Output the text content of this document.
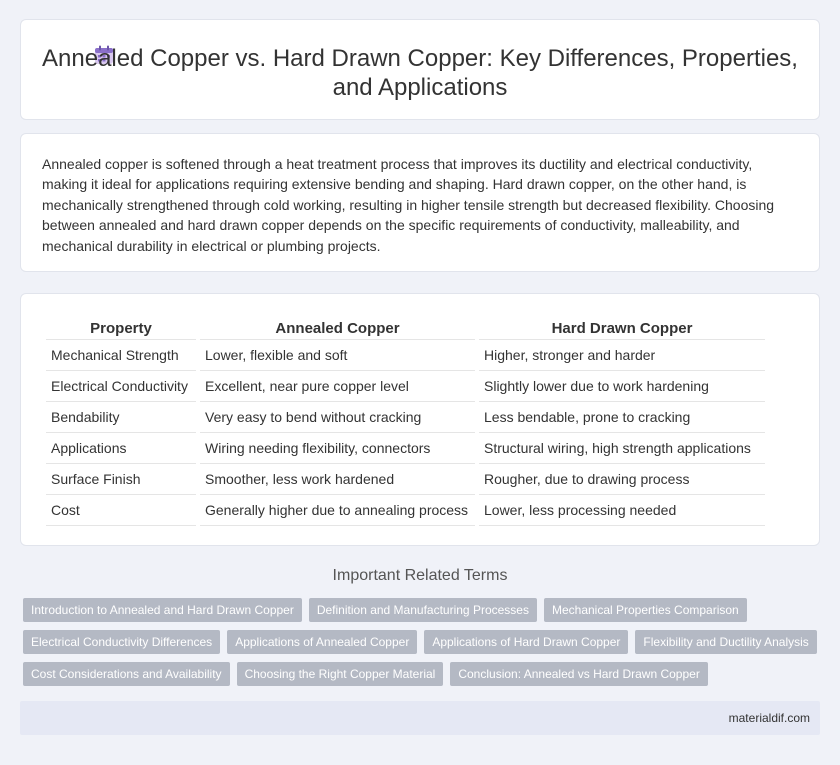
Annealed Copper vs. Hard Drawn Copper: Key Differences, Properties, and Applications

Annealed copper is softened through a heat treatment process that improves its ductility and electrical conductivity, making it ideal for applications requiring extensive bending and shaping. Hard drawn copper, on the other hand, is mechanically strengthened through cold working, resulting in higher tensile strength but decreased flexibility. Choosing between annealed and hard drawn copper depends on the specific requirements of conductivity, malleability, and mechanical durability in electrical or plumbing projects.

Property	Annealed Copper	Hard Drawn Copper
Mechanical Strength	Lower, flexible and soft	Higher, stronger and harder
Electrical Conductivity	Excellent, near pure copper level	Slightly lower due to work hardening
Bendability	Very easy to bend without cracking	Less bendable, prone to cracking
Applications	Wiring needing flexibility, connectors	Structural wiring, high strength applications
Surface Finish	Smoother, less work hardened	Rougher, due to drawing process
Cost	Generally higher due to annealing process	Lower, less processing needed
Important Related Terms
Introduction to Annealed and Hard Drawn Copper	Definition and Manufacturing Processes	Mechanical Properties Comparison
Electrical Conductivity Differences	Applications of Annealed Copper	Applications of Hard Drawn Copper	Flexibility and Ductility Analysis
Cost Considerations and Availability	Choosing the Right Copper Material	Conclusion: Annealed vs Hard Drawn Copper
materialdif.com
